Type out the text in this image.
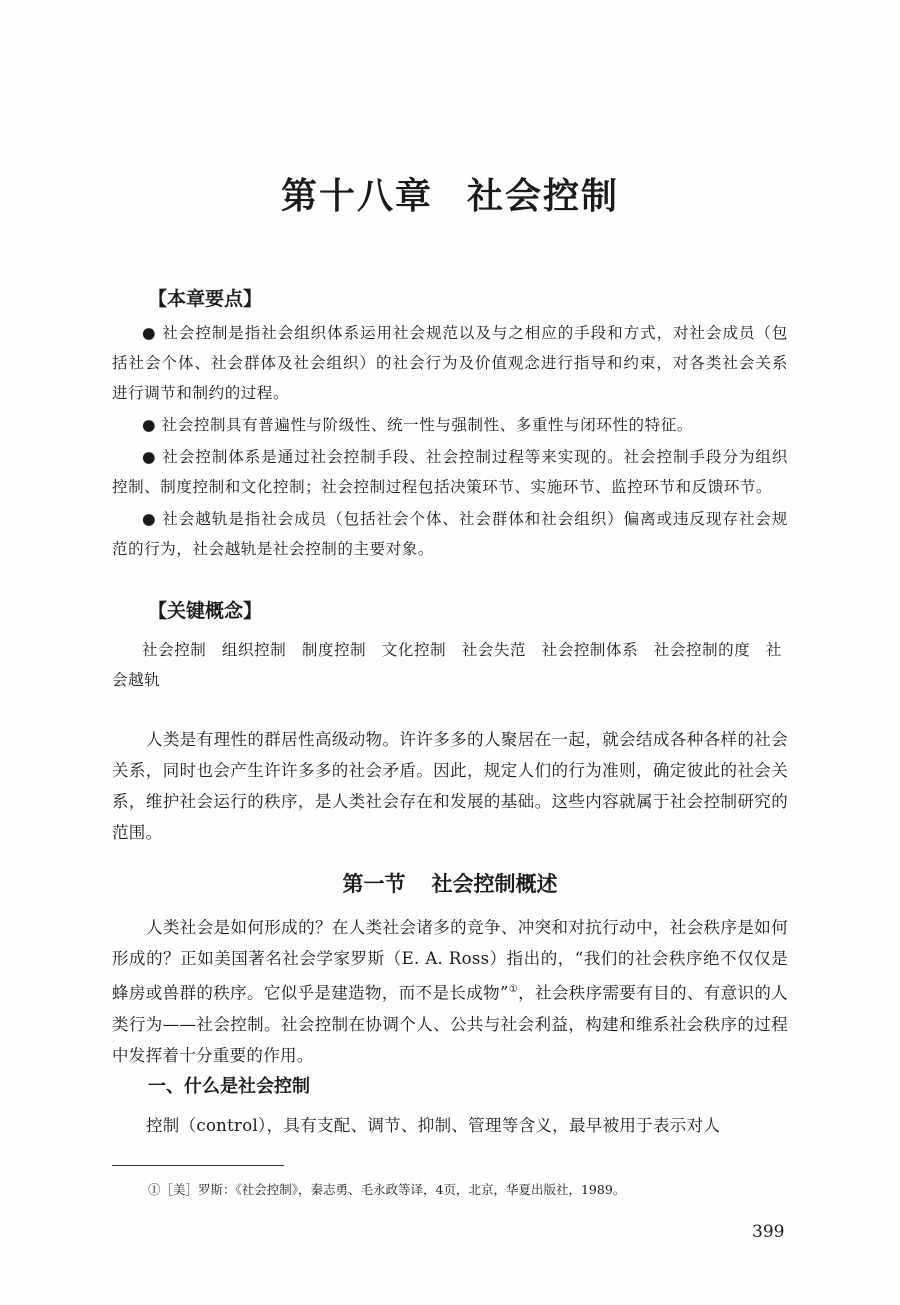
第十八章 社会控制
【本章要点】

● 社会控制是指社会组织体系运用社会规范以及与之相应的手段和方式，对社会成员（包括社会个体、社会群体及社会组织）的社会行为及价值观念进行指导和约束，对各类社会关系进行调节和制约的过程。

● 社会控制具有普遍性与阶级性、统一性与强制性、多重性与闭环性的特征。

● 社会控制体系是通过社会控制手段、社会控制过程等来实现的。社会控制手段分为组织控制、制度控制和文化控制；社会控制过程包括决策环节、实施环节、监控环节和反馈环节。

● 社会越轨是指社会成员（包括社会个体、社会群体和社会组织）偏离或违反现存社会规范的行为，社会越轨是社会控制的主要对象。

【关键概念】
社会控制 组织控制 制度控制 文化控制 社会失范 社会控制体系 社会控制的度 社会越轨

人类是有理性的群居性高级动物。许许多多的人聚居在一起，就会结成各种各样的社会关系，同时也会产生许许多多的社会矛盾。因此，规定人们的行为准则，确定彼此的社会关系，维护社会运行的秩序，是人类社会存在和发展的基础。这些内容就属于社会控制研究的范围。

第一节 社会控制概述

人类社会是如何形成的？在人类社会诸多的竞争、冲突和对抗行动中，社会秩序是如何形成的？正如美国著名社会学家罗斯（E. A. Ross）指出的，“我们的社会秩序绝不仅仅是蜂房或兽群的秩序。它似乎是建造物，而不是长成物”①，社会秩序需要有目的、有意识的人类行为——社会控制。社会控制在协调个人、公共与社会利益，构建和维系社会秩序的过程中发挥着十分重要的作用。

一、什么是社会控制

控制（control），具有支配、调节、抑制、管理等含义，最早被用于表示对人

①［美］罗斯：《社会控制》，秦志勇、毛永政等译，4页，北京，华夏出版社，1989。
399
